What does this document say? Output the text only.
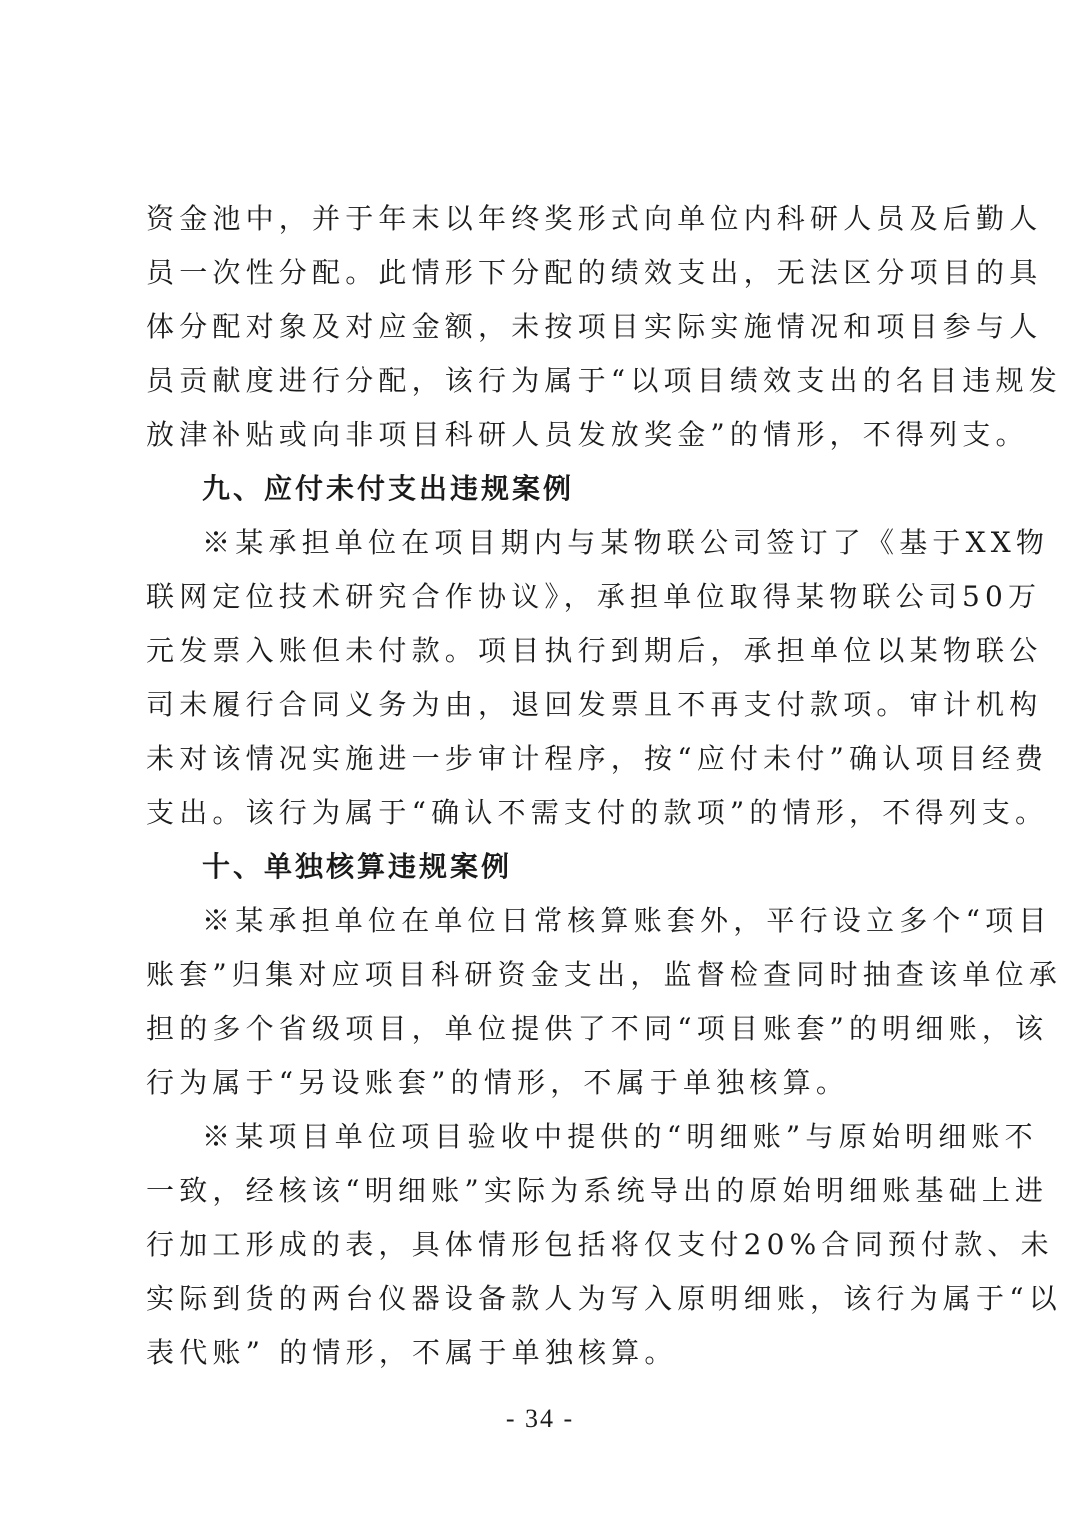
资金池中，并于年末以年终奖形式向单位内科研人员及后勤人
员一次性分配。此情形下分配的绩效支出，无法区分项目的具
体分配对象及对应金额，未按项目实际实施情况和项目参与人
员贡献度进行分配，该行为属于“以项目绩效支出的名目违规发
放津补贴或向非项目科研人员发放奖金”的情形，不得列支。
九、应付未付支出违规案例
※某承担单位在项目期内与某物联公司签订了《基于XX物
联网定位技术研究合作协议》，承担单位取得某物联公司50万
元发票入账但未付款。项目执行到期后，承担单位以某物联公
司未履行合同义务为由，退回发票且不再支付款项。审计机构
未对该情况实施进一步审计程序，按“应付未付”确认项目经费
支出。该行为属于“确认不需支付的款项”的情形，不得列支。
十、单独核算违规案例
※某承担单位在单位日常核算账套外，平行设立多个“项目
账套”归集对应项目科研资金支出，监督检查同时抽查该单位承
担的多个省级项目，单位提供了不同“项目账套”的明细账，该
行为属于“另设账套”的情形，不属于单独核算。
※某项目单位项目验收中提供的“明细账”与原始明细账不
一致，经核该“明细账”实际为系统导出的原始明细账基础上进
行加工形成的表，具体情形包括将仅支付20%合同预付款、未
实际到货的两台仪器设备款人为写入原明细账，该行为属于“以
表代账” 的情形，不属于单独核算。
- 34 -
